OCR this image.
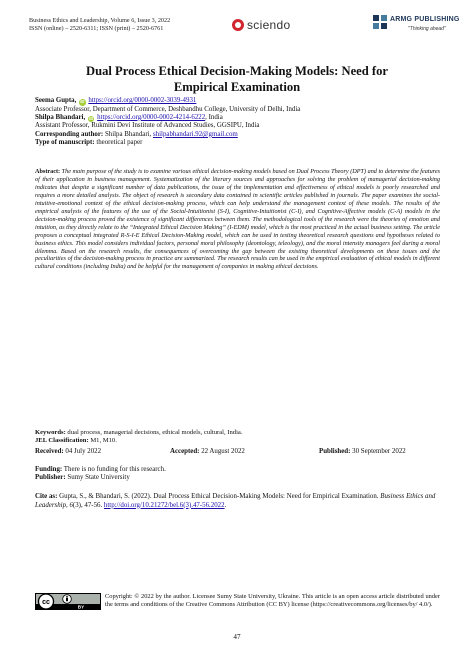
Business Ethics and Leadership, Volume 6, Issue 3, 2022
ISSN (online) – 2520-6311; ISSN (print) – 2520-6761	sciendo	ARMG PUBLISHING
"Thinking ahead"
Dual Process Ethical Decision-Making Models: Need for
Empirical Examination
Seema Gupta, iD https://orcid.org/0000-0002-3039-4931
Associate Professor, Department of Commerce, Deshbandhu College, University of Delhi, India
Shilpa Bhandari, iD https://orcid.org/0000-0002-4214-6222, India
Assistant Professor, Rukmini Devi Institute of Advanced Studies, GGSIPU, India
Corresponding author: Shilpa Bhandari, shilpabhandari.92@gmail.com
Type of manuscript: theoretical paper
Abstract: The main purpose of the study is to examine various ethical decision-making models based on Dual Process Theory (DPT) and to determine the features of their application in business management. Systematization of the literary sources and approaches for solving the problem of managerial decision-making indicates that despite a significant number of data publications, the issue of the implementation and effectiveness of ethical models is poorly researched and requires a more detailed analysis. The object of research is secondary data contained in scientific articles published in journals. The paper examines the social-intuitive-emotional context of the ethical decision-making process, which can help understand the management context of these models. The results of the empirical analysis of the features of the use of the Social-Intuitionist (S-I), Cognitive-Intuitionist (C-I), and Cognitive-Affective models (C-A) models in the decision-making process proved the existence of significant differences between them. The methodological tools of the research were the theories of emotion and intuition, as they directly relate to the “Integrated Ethical Decision Making” (I-EDM) model, which is the most practiced in the actual business setting. The article proposes a conceptual integrated R-S-I-E Ethical Decision-Making model, which can be used in testing theoretical research questions and hypotheses related to business ethics. This model considers individual factors, personal moral philosophy (deontology, teleology), and the moral intensity managers feel during a moral dilemma. Based on the research results, the consequences of overcoming the gap between the existing theoretical developments on these issues and the peculiarities of the decision-making process in practice are summarized. The research results can be used in the empirical evaluation of ethical models in different cultural conditions (including India) and be helpful for the management of companies in making ethical decisions.
Keywords: dual process, managerial decisions, ethical models, cultural, India.
JEL Classification: M1, M10.
Received: 04 July 2022	Accepted: 22 August 2022	Published: 30 September 2022
Funding: There is no funding for this research.
Publisher: Sumy State University
Cite as: Gupta, S., & Bhandari, S. (2022). Dual Process Ethical Decision-Making Models: Need for Empirical Examination. Business Ethics and Leadership, 6(3), 47-56. http://doi.org/10.21272/bel.6(3).47-56.2022.
cc
BY
Copyright: © 2022 by the author. Licensee Sumy State University, Ukraine. This article is an open access article distributed under the terms and conditions of the Creative Commons Attribution (CC BY) license (https://creativecommons.org/licenses/by/ 4.0/).
47
